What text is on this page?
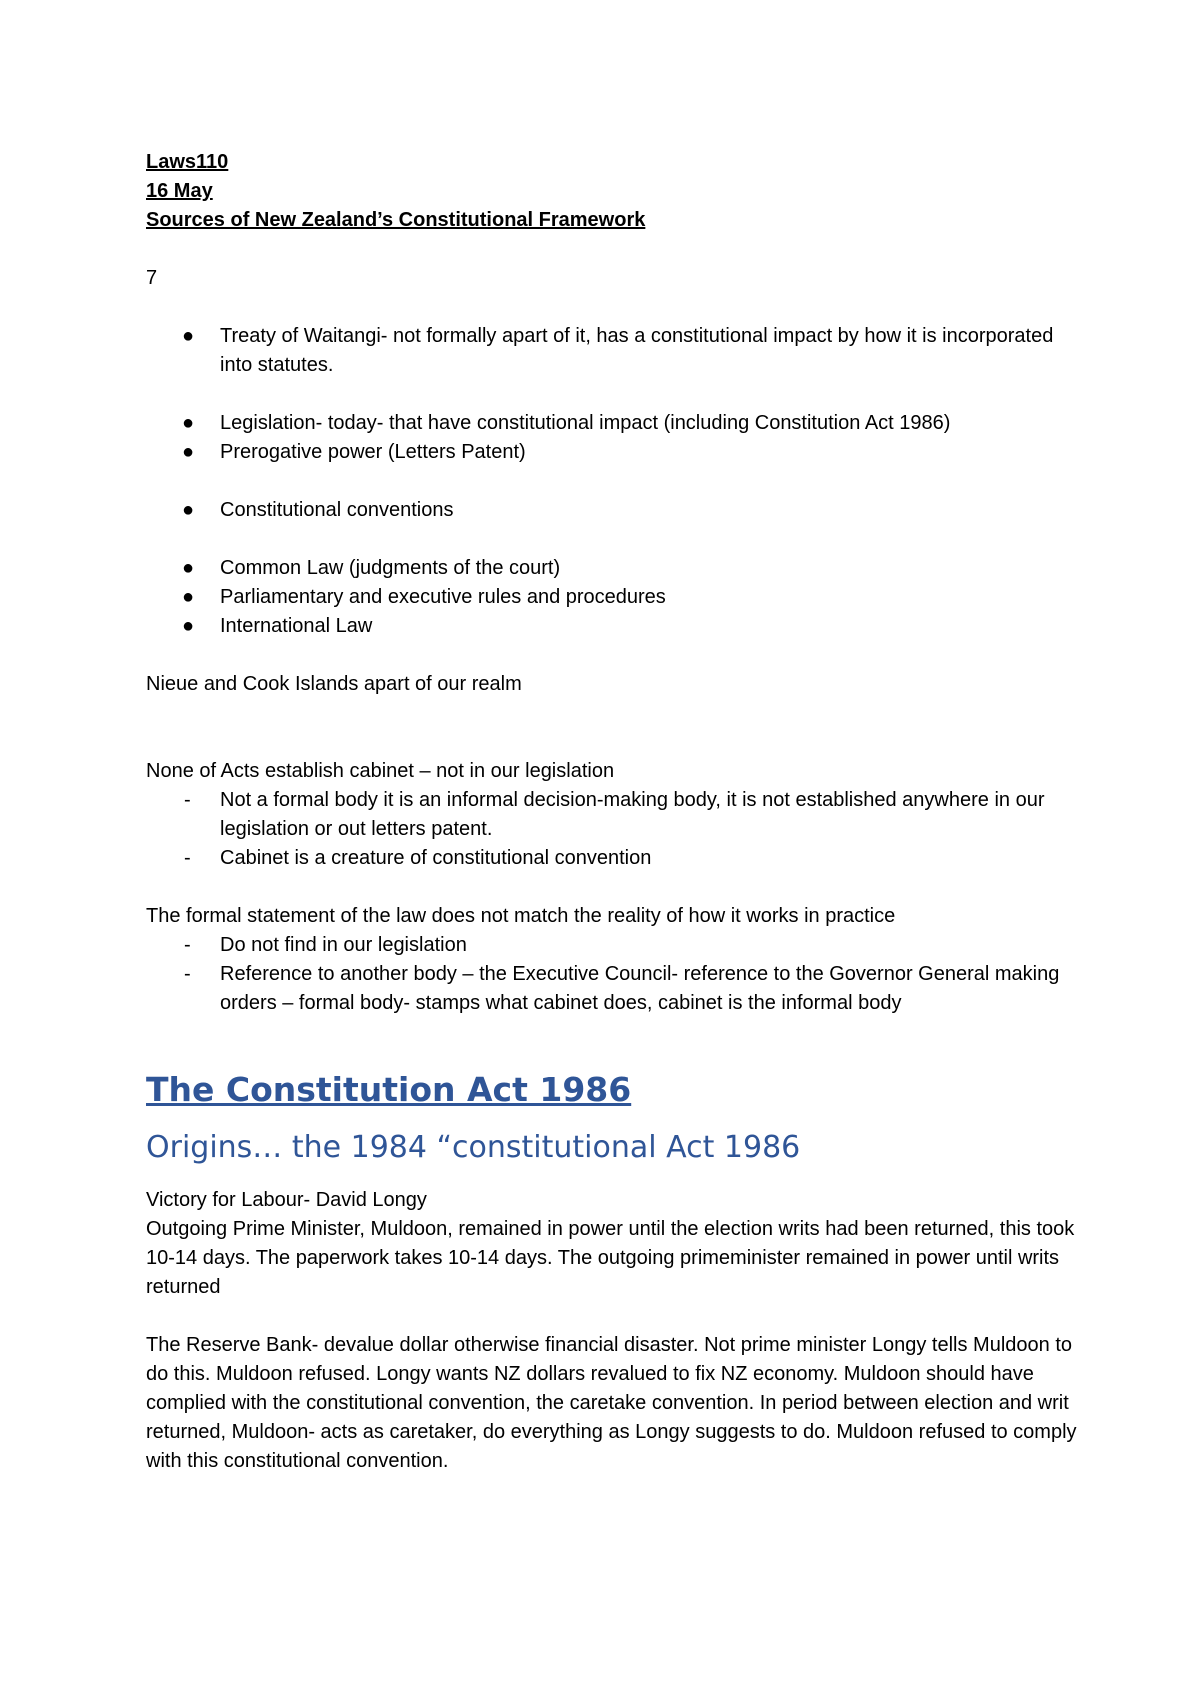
Laws110

16 May

Sources of New Zealand’s Constitutional Framework

7

● Treaty of Waitangi- not formally apart of it, has a constitutional impact by how it is incorporated into statutes.
● Legislation- today- that have constitutional impact (including Constitution Act 1986)
● Prerogative power (Letters Patent)
● Constitutional conventions
● Common Law (judgments of the court)
● Parliamentary and executive rules and procedures
● International Law

Nieue and Cook Islands apart of our realm

None of Acts establish cabinet – not in our legislation

- Not a formal body it is an informal decision-making body, it is not established anywhere in our legislation or out letters patent.
- Cabinet is a creature of constitutional convention

The formal statement of the law does not match the reality of how it works in practice

- Do not find in our legislation
- Reference to another body – the Executive Council- reference to the Governor General making orders – formal body- stamps what cabinet does, cabinet is the informal body
The Constitution Act 1986
Origins… the 1984 “constitutional Act 1986

Victory for Labour- David Longy

Outgoing Prime Minister, Muldoon, remained in power until the election writs had been returned, this took 10-14 days. The paperwork takes 10-14 days. The outgoing primeminister remained in power until writs returned

The Reserve Bank- devalue dollar otherwise financial disaster. Not prime minister Longy tells Muldoon to do this. Muldoon refused. Longy wants NZ dollars revalued to fix NZ economy. Muldoon should have complied with the constitutional convention, the caretake convention. In period between election and writ returned, Muldoon- acts as caretaker, do everything as Longy suggests to do. Muldoon refused to comply with this constitutional convention.
